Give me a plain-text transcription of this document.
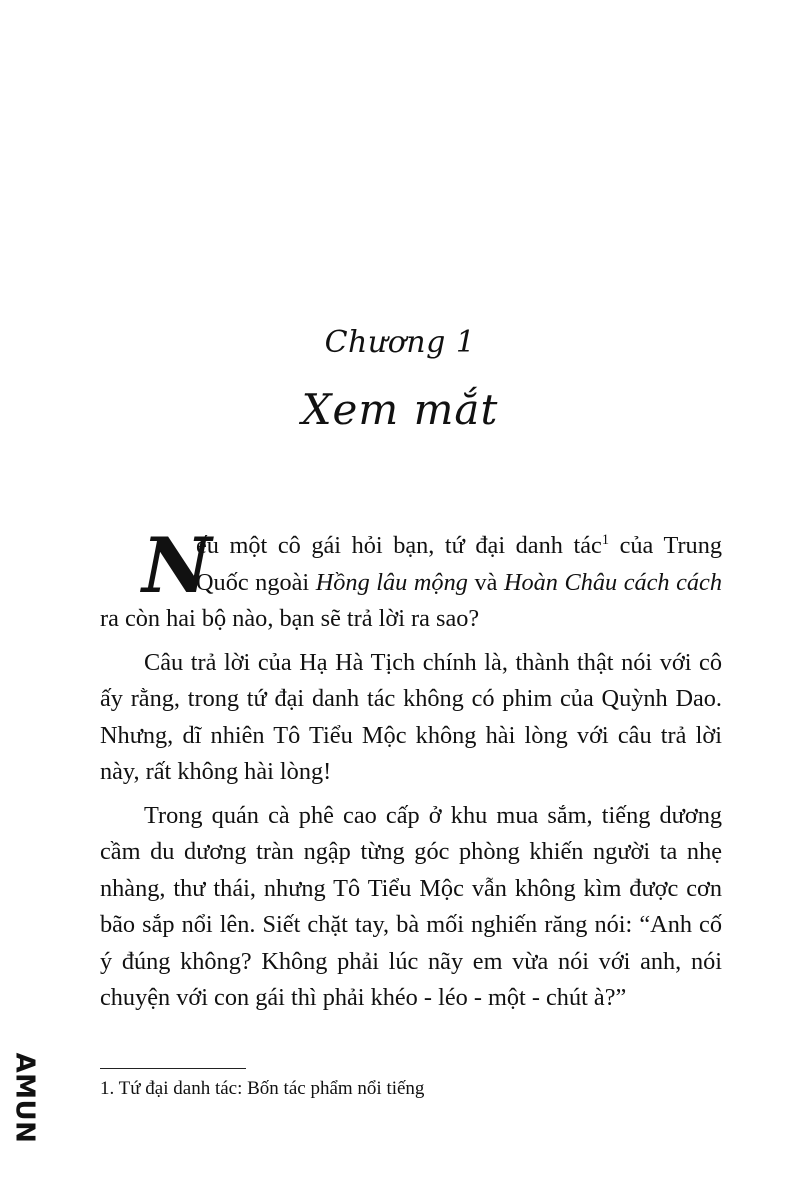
Chương 1
Xem mắt

N
ếu một cô gái hỏi bạn, tứ đại danh tác$^1$ của Trung Quốc ngoài Hồng lâu mộng và Hoàn Châu cách cách ra còn hai bộ nào, bạn sẽ trả lời ra sao?

Câu trả lời của Hạ Hà Tịch chính là, thành thật nói với cô ấy rằng, trong tứ đại danh tác không có phim của Quỳnh Dao. Nhưng, dĩ nhiên Tô Tiểu Mộc không hài lòng với câu trả lời này, rất không hài lòng!

Trong quán cà phê cao cấp ở khu mua sắm, tiếng dương cầm du dương tràn ngập từng góc phòng khiến người ta nhẹ nhàng, thư thái, nhưng Tô Tiểu Mộc vẫn không kìm được cơn bão sắp nổi lên. Siết chặt tay, bà mối nghiến răng nói: “Anh cố ý đúng không? Không phải lúc nãy em vừa nói với anh, nói chuyện với con gái thì phải khéo - léo - một - chút à?”

1. Tứ đại danh tác: Bốn tác phẩm nổi tiếng
AMUN
